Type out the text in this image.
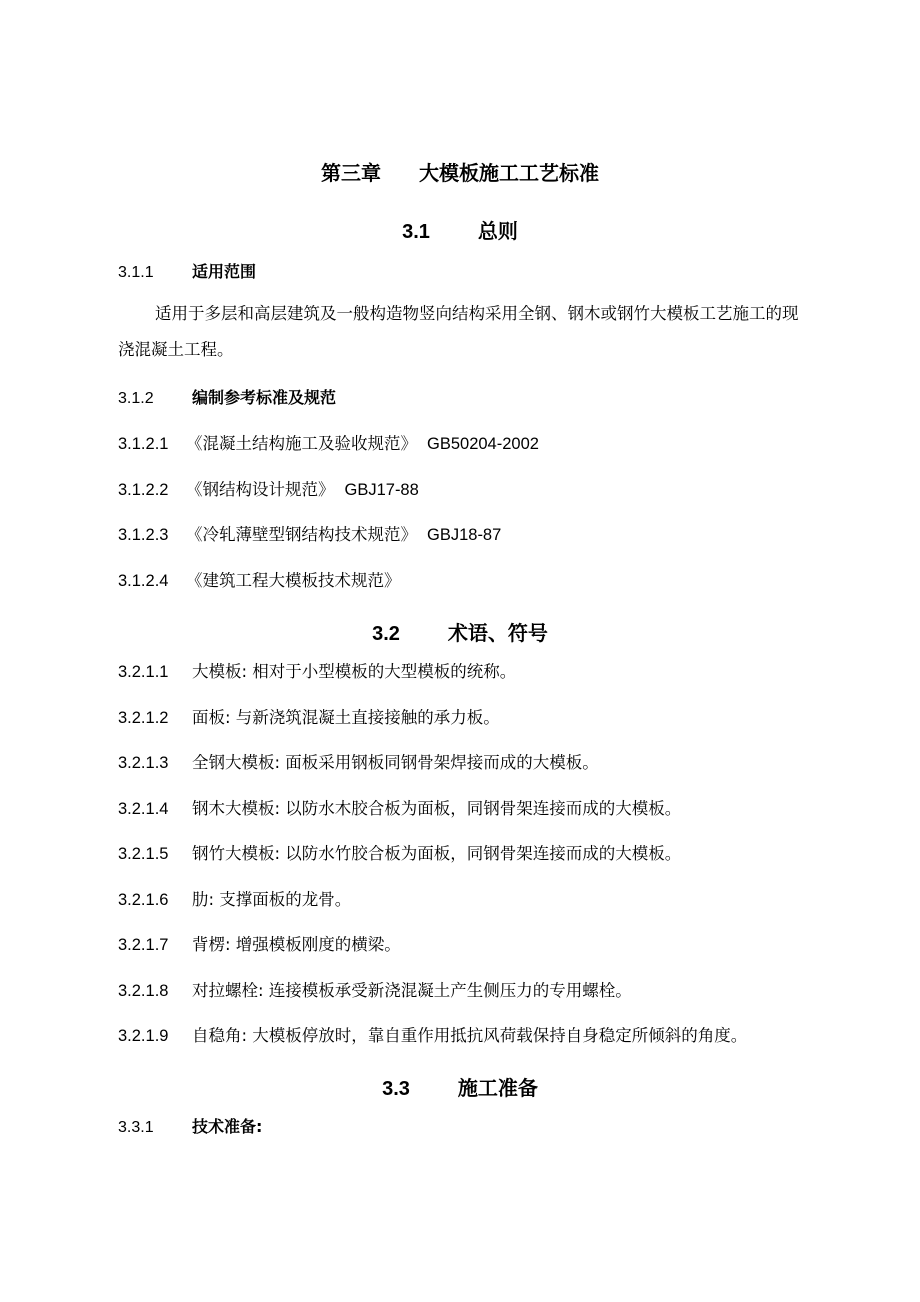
第三章 大模板施工工艺标准
3.1 总则
3.1.1 适用范围
适用于多层和高层建筑及一般构造物竖向结构采用全钢、钢木或钢竹大模板工艺施工的现浇混凝土工程。
3.1.2 编制参考标准及规范
3.1.2.1 《混凝土结构施工及验收规范》 GB50204-2002
3.1.2.2 《钢结构设计规范》 GBJ17-88
3.1.2.3 《冷轧薄壁型钢结构技术规范》 GBJ18-87
3.1.2.4 《建筑工程大模板技术规范》
3.2 术语、符号
3.2.1.1 大模板: 相对于小型模板的大型模板的统称。
3.2.1.2 面板: 与新浇筑混凝土直接接触的承力板。
3.2.1.3 全钢大模板: 面板采用钢板同钢骨架焊接而成的大模板。
3.2.1.4 钢木大模板: 以防水木胶合板为面板，同钢骨架连接而成的大模板。
3.2.1.5 钢竹大模板: 以防水竹胶合板为面板，同钢骨架连接而成的大模板。
3.2.1.6 肋: 支撑面板的龙骨。
3.2.1.7 背楞: 增强模板刚度的横梁。
3.2.1.8 对拉螺栓: 连接模板承受新浇混凝土产生侧压力的专用螺栓。
3.2.1.9 自稳角: 大模板停放时，靠自重作用抵抗风荷载保持自身稳定所倾斜的角度。
3.3 施工准备
3.3.1 技术准备:
